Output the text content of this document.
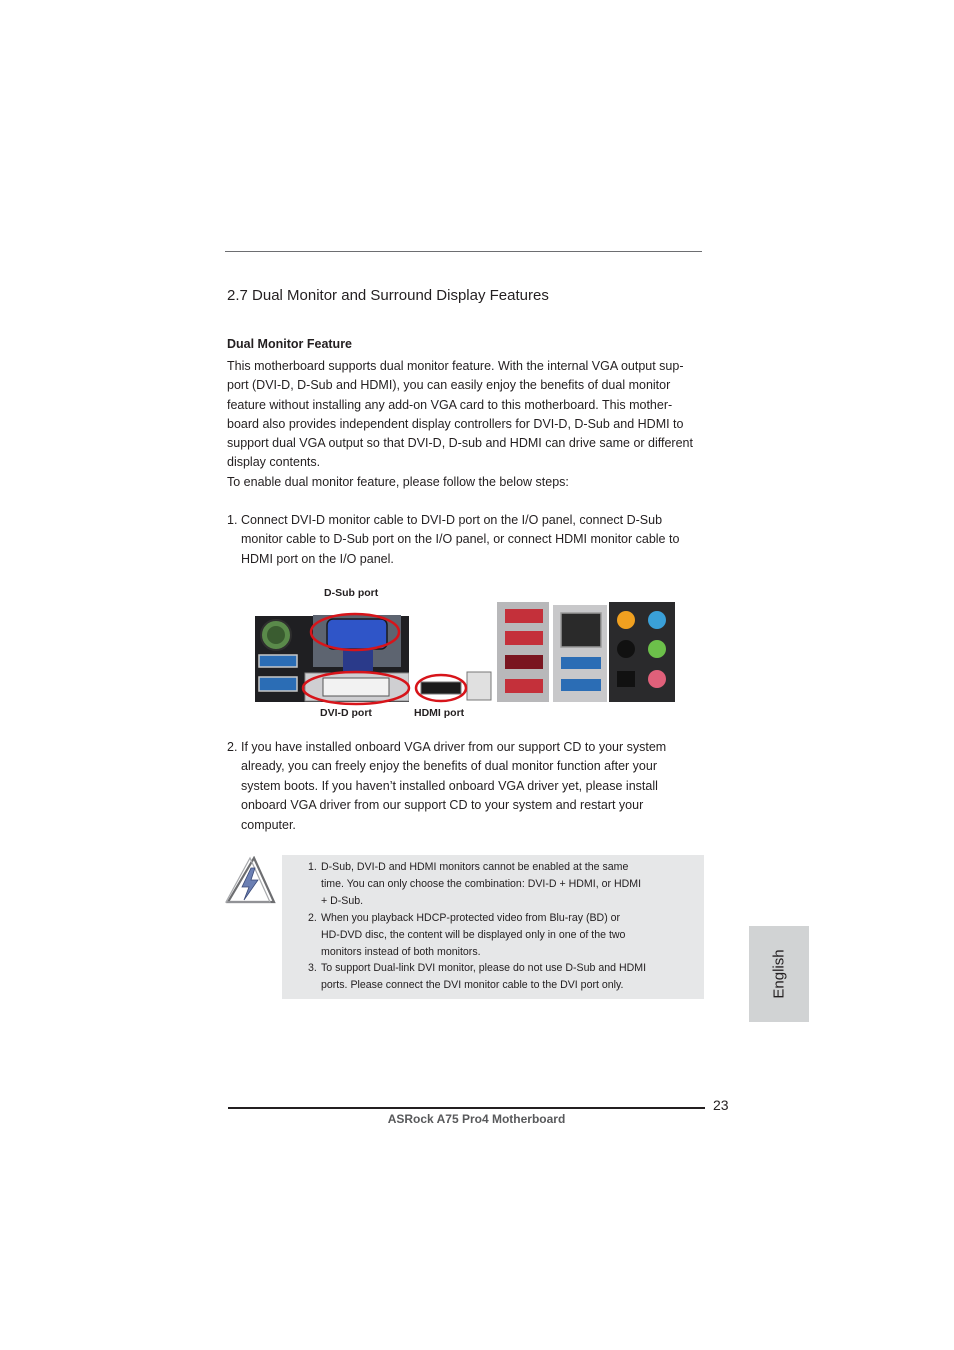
2.7 Dual Monitor and Surround Display Features
Dual Monitor Feature
This motherboard supports dual monitor feature. With the internal VGA output sup-
port (DVI-D, D-Sub and HDMI), you can easily enjoy the benefits of dual monitor
feature without installing any add-on VGA card to this motherboard. This mother-
board also provides independent display controllers for DVI-D, D-Sub and HDMI to
support dual VGA output so that DVI-D, D-sub and HDMI can drive same or different
display contents.
To enable dual monitor feature, please follow the below steps:
1. Connect DVI-D monitor cable to DVI-D port on the I/O panel, connect D-Sub
monitor cable to D-Sub port on the I/O panel, or connect HDMI monitor cable to
HDMI port on the I/O panel.
D-Sub port
DVI-D port	HDMI port
2. If you have installed onboard VGA driver from our support CD to your system
already, you can freely enjoy the benefits of dual monitor function after your
system boots. If you haven’t installed onboard VGA driver yet, please install
onboard VGA driver from our support CD to your system and restart your
computer.
1. D-Sub, DVI-D and HDMI monitors cannot be enabled at the same
time. You can only choose the combination: DVI-D + HDMI, or HDMI
+ D-Sub.
2. When you playback HDCP-protected video from Blu-ray (BD) or
HD-DVD disc, the content will be displayed only in one of the two
monitors instead of both monitors.
3. To support Dual-link DVI monitor, please do not use D-Sub and HDMI
ports. Please connect the DVI monitor cable to the DVI port only.	English
23
ASRock A75 Pro4 Motherboard
